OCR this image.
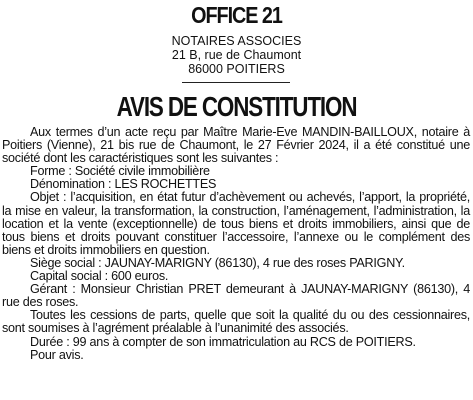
OFFICE 21
NOTAIRES ASSOCIES
21 B, rue de Chaumont
86000 POITIERS
AVIS DE CONSTITUTION

Aux termes d’un acte reçu par Maître Marie-Eve MANDIN-BAILLOUX, notaire à Poitiers (Vienne), 21 bis rue de Chaumont, le 27 Février 2024, il a été constitué une société dont les caractéristiques sont les suivantes :

Forme : Société civile immobilière

Dénomination : LES ROCHETTES

Objet : l’acquisition, en état futur d’achèvement ou achevés, l’apport, la propriété, la mise en valeur, la transformation, la construction, l’aménagement, l’administration, la location et la vente (exceptionnelle) de tous biens et droits immobiliers, ainsi que de tous biens et droits pouvant constituer l’accessoire, l’annexe ou le complément des biens et droits immobiliers en question.

Siège social : JAUNAY-MARIGNY (86130), 4 rue des roses PARIGNY.

Capital social : 600 euros.

Gérant : Monsieur Christian PRET demeurant à JAUNAY-MARIGNY (86130), 4 rue des roses.

Toutes les cessions de parts, quelle que soit la qualité du ou des cessionnaires, sont soumises à l’agrément préalable à l’unanimité des associés.

Durée : 99 ans à compter de son immatriculation au RCS de POITIERS.

Pour avis.
